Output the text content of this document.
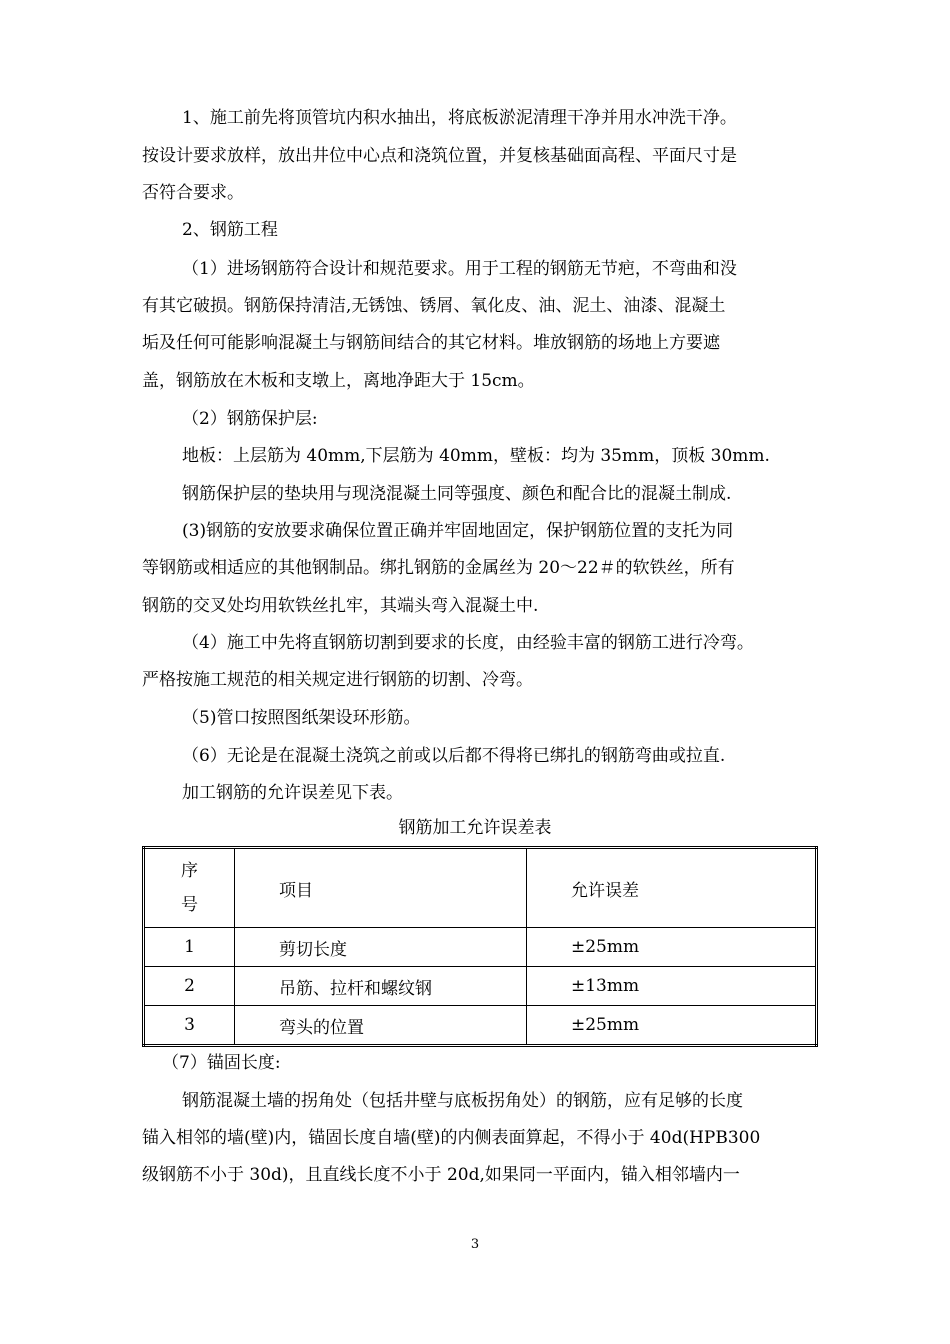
1、施工前先将顶管坑内积水抽出，将底板淤泥清理干净并用水冲洗干净。
按设计要求放样，放出井位中心点和浇筑位置，并复核基础面高程、平面尺寸是
否符合要求。
2、钢筋工程
（1）进场钢筋符合设计和规范要求。用于工程的钢筋无节疤，不弯曲和没
有其它破损。钢筋保持清洁,无锈蚀、锈屑、氧化皮、油、泥土、油漆、混凝土
垢及任何可能影响混凝土与钢筋间结合的其它材料。堆放钢筋的场地上方要遮
盖，钢筋放在木板和支墩上，离地净距大于 15cm。
（2）钢筋保护层:
地板：上层筋为 40mm,下层筋为 40mm，壁板：均为 35mm，顶板 30mm.
钢筋保护层的垫块用与现浇混凝土同等强度、颜色和配合比的混凝土制成.
(3)钢筋的安放要求确保位置正确并牢固地固定，保护钢筋位置的支托为同
等钢筋或相适应的其他钢制品。绑扎钢筋的金属丝为 20～22＃的软铁丝，所有
钢筋的交叉处均用软铁丝扎牢，其端头弯入混凝土中.
（4）施工中先将直钢筋切割到要求的长度，由经验丰富的钢筋工进行冷弯。
严格按施工规范的相关规定进行钢筋的切割、冷弯。
（5)管口按照图纸架设环形筋。
（6）无论是在混凝土浇筑之前或以后都不得将已绑扎的钢筋弯曲或拉直.
加工钢筋的允许误差见下表。
钢筋加工允许误差表
序
号	项目	允许误差
1	剪切长度	±25mm
2	吊筋、拉杆和螺纹钢	±13mm
3	弯头的位置	±25mm
（7）锚固长度:
钢筋混凝土墙的拐角处（包括井壁与底板拐角处）的钢筋，应有足够的长度
锚入相邻的墙(壁)内，锚固长度自墙(壁)的内侧表面算起，不得小于 40d(HPB300
级钢筋不小于 30d)，且直线长度不小于 20d,如果同一平面内，锚入相邻墙内一
3
